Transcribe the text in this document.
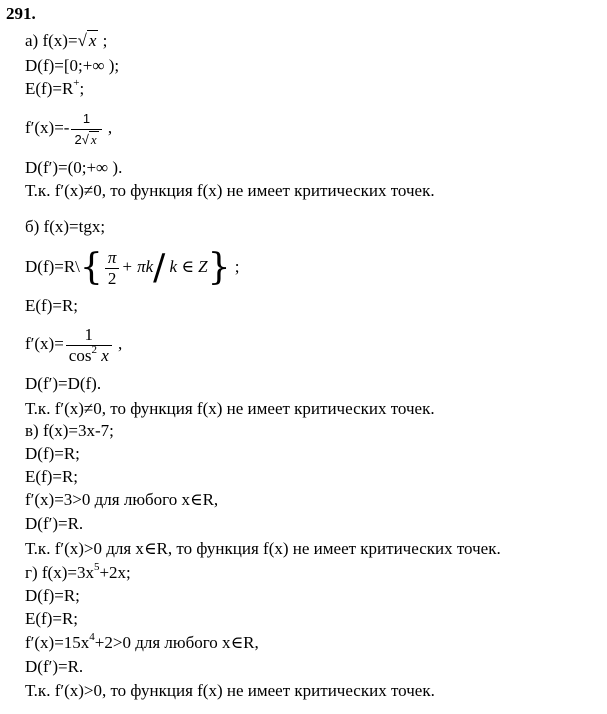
291.
а) f(x)=√ x ;
D(f)=[0;+∞ );
E(f)=R+;
$f'(x)=- \frac{1}{2√ x}$ ,
D(f′)=(0;+∞ ).
Т.к. f′(x)≠0, то функция f(x) не имеет критических точек.
б) f(x)=tgx;
D(f)=R\{ $\frac{\pi}{2} + \pi k/$ k ∈ Z} ;
E(f)=R;
$f'(x)= \frac{1}{\cos^2 x}$ ,
D(f′)=D(f).
Т.к. f′(x)≠0, то функция f(x) не имеет критических точек.
в) f(x)=3x-7;
D(f)=R;
E(f)=R;
f′(x)=3>0 для любого x∈R,
D(f′)=R.
Т.к. f′(x)>0 для x∈R, то функция f(x) не имеет критических точек.
г) $f(x)=3x^5+2x$;
D(f)=R;
E(f)=R;
$f'(x)=15x^4+2>0$ для любого x∈R,
D(f′)=R.
Т.к. f′(x)>0, то функция f(x) не имеет критических точек.
